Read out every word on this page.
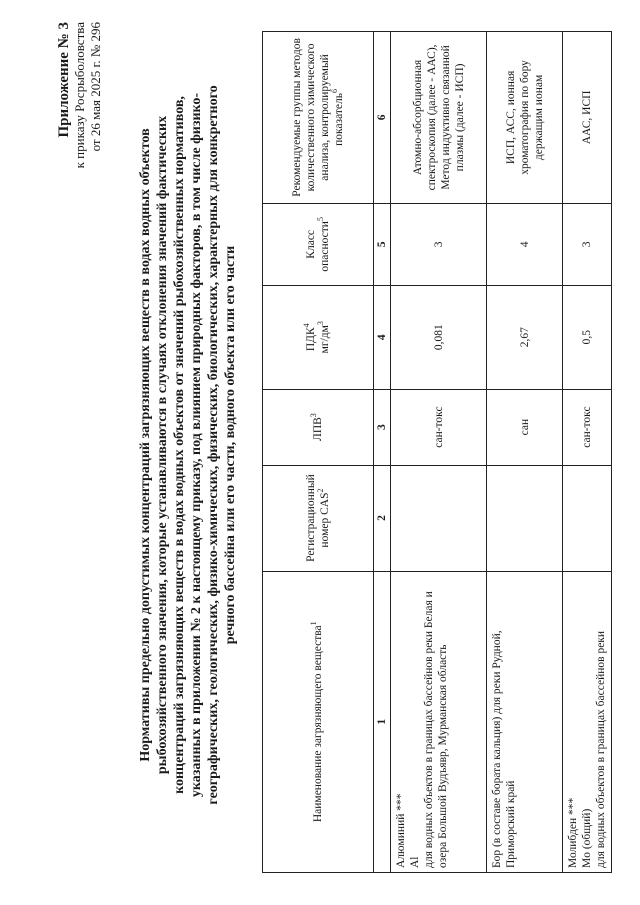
Приложение № 3 к приказу Росрыболовства от 26 мая 2025 г. № 296
Нормативы предельно допустимых концентраций загрязняющих веществ в водах водных объектов рыбохозяйственного значения, которые устанавливаются в случаях отклонения значений фактических концентраций загрязняющих веществ в водах водных объектов от значений рыбохозяйственных нормативов, указанных в приложении № 2 к настоящему приказу, под влиянием природных факторов, в том числе физико-географических, геологических, физико-химических, физических, биологических, характерных для конкретного речного бассейна или его части, водного объекта или его части
Наименование загрязняющего вещества$^1$	Регистрационный номер CAS$^2$	ЛПВ$^3$	ПДК$^4$ $мг/дм^3$	Класс опасности$^5$	Рекомендуемые группы методов количественного химического анализа, контролируемый показатель$^6$
1	2	3	4	5	6

Алюминий *** Al для водных объектов в границах бассейнов реки Белая и озера Большой Вудъявр, Мурманская область		сан-токс	0,081	3	Атомно-абсорбционная спектроскопия (далее - ААС), Метод индуктивно связанной плазмы (далее - ИСП)

Бор (в составе бората кальция) для реки Рудной, Приморский край		сан	2,67	4	ИСП, АСС, ионная хроматография по бору держащим ионам

Молибден *** Mo (общий) для водных объектов в границах бассейнов реки		сан-токс	0,5	3	ААС, ИСП
